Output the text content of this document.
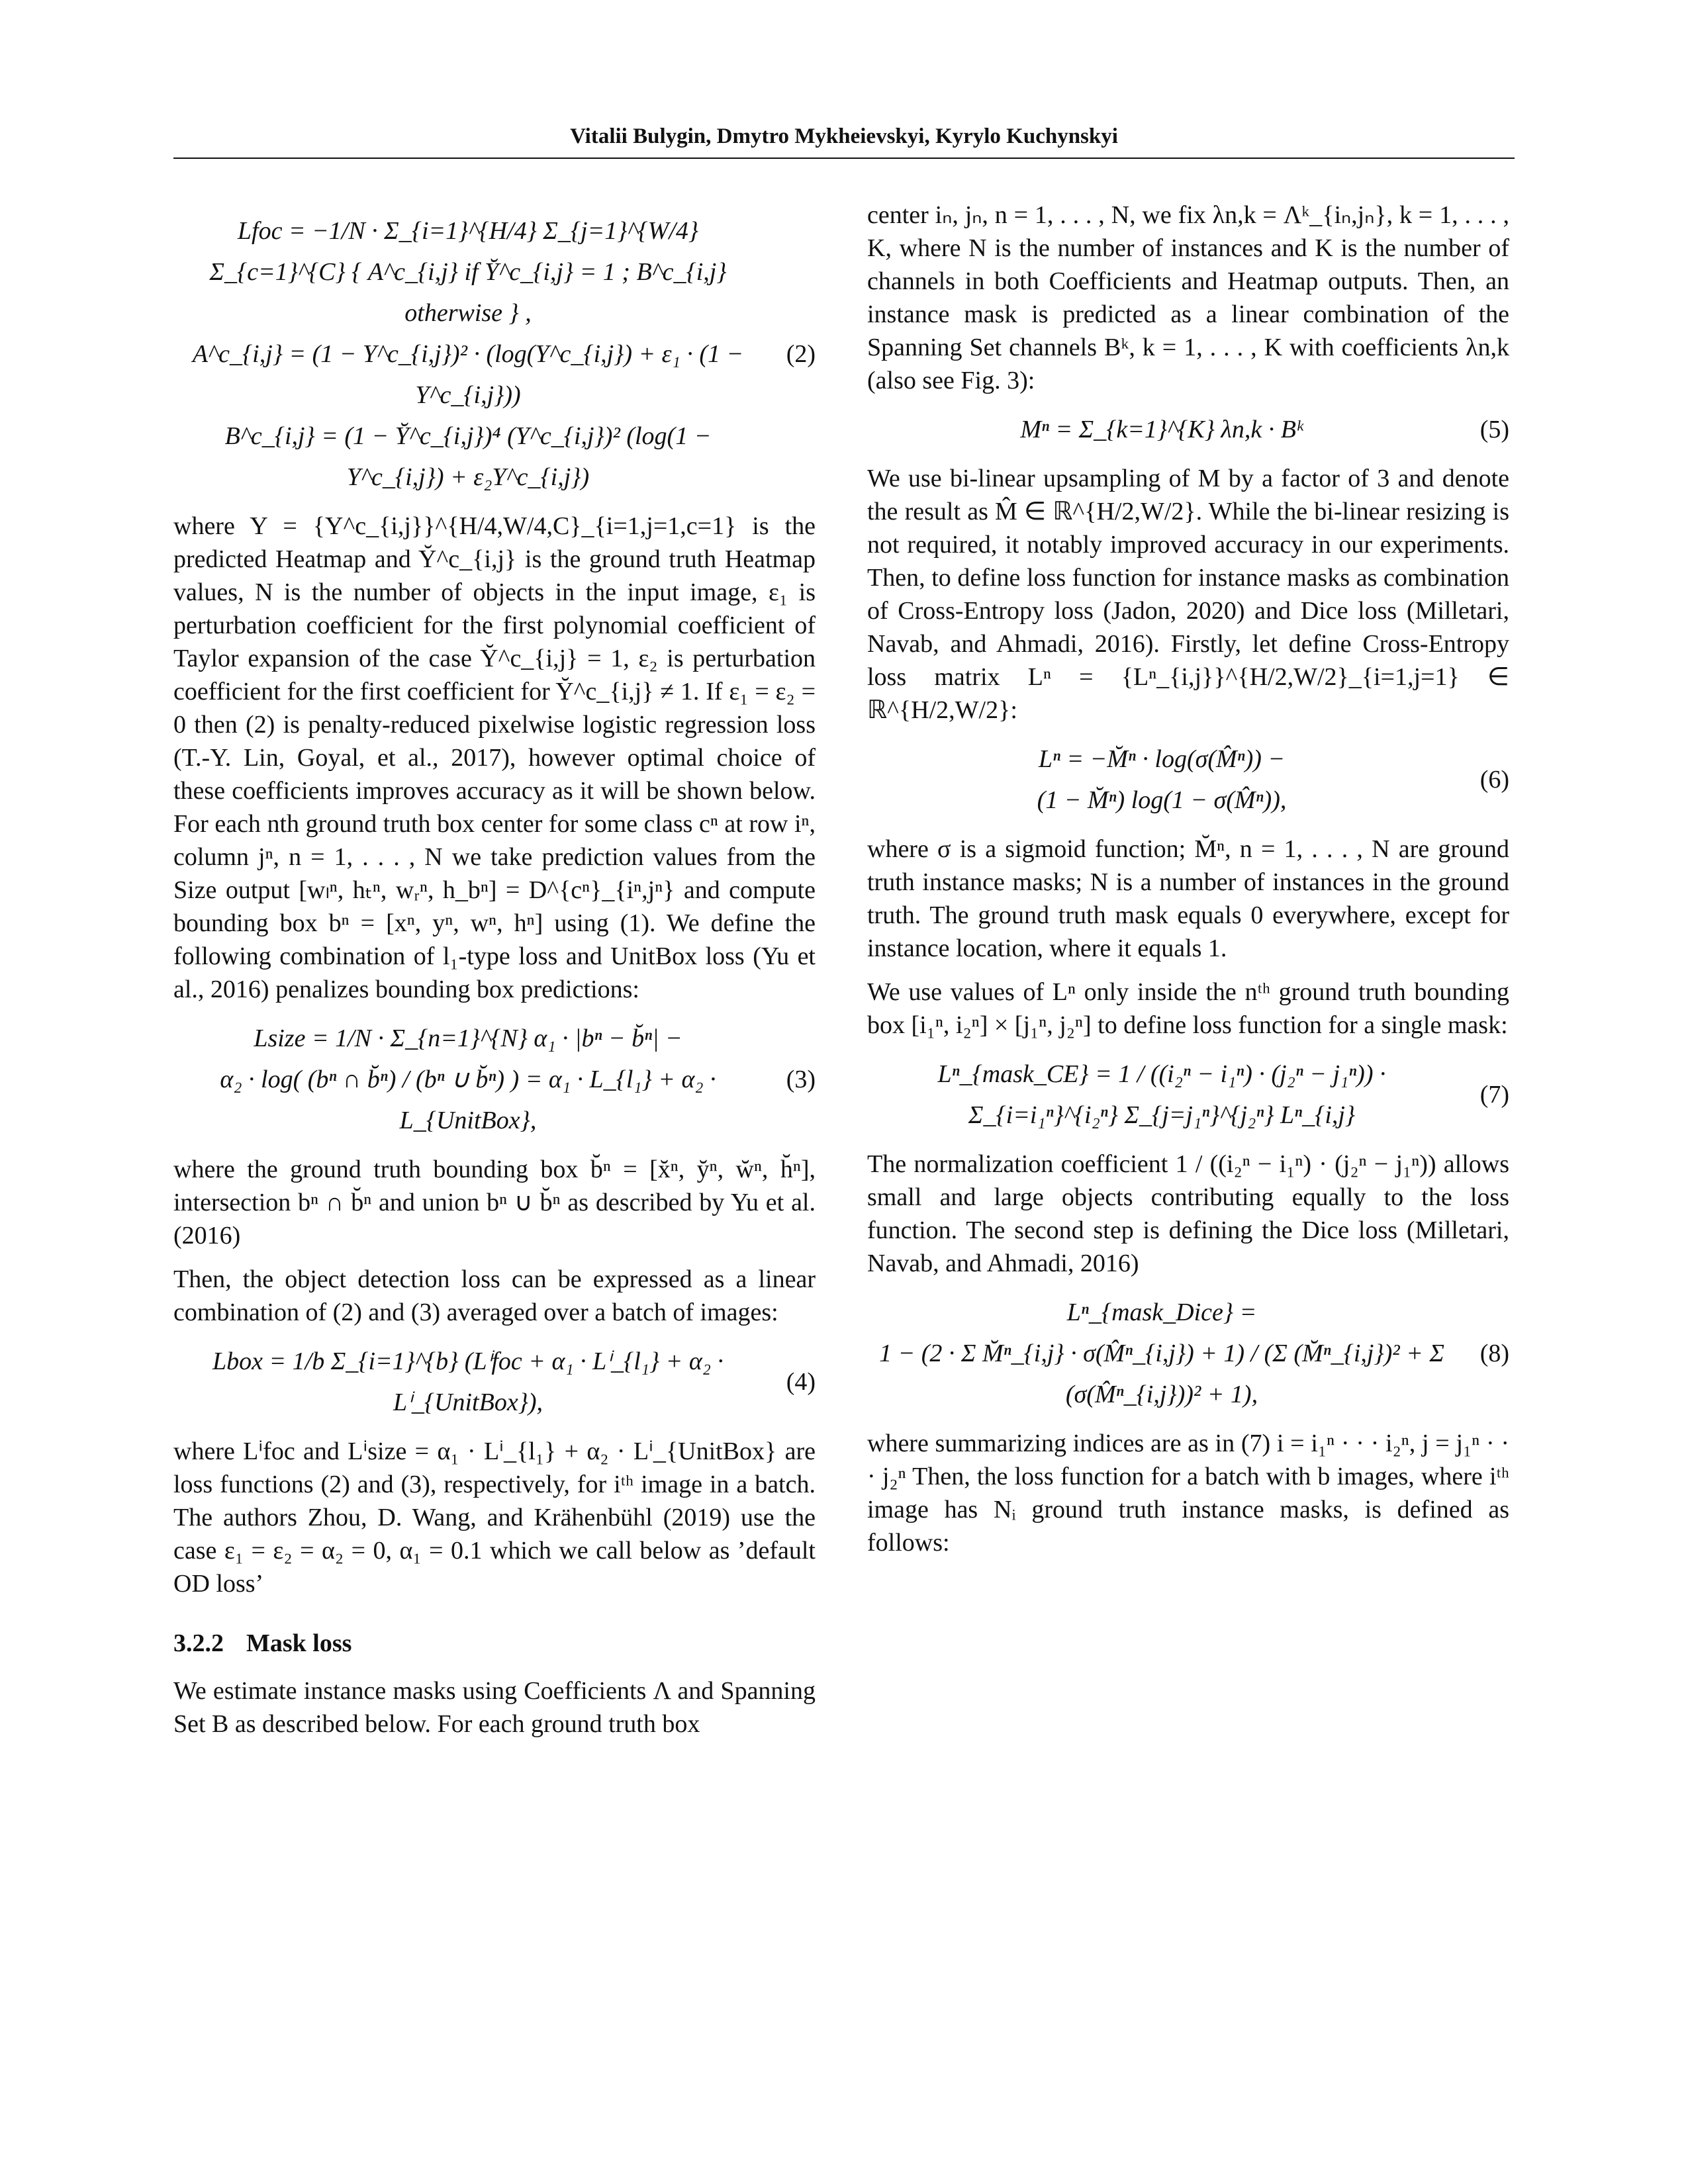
Vitalii Bulygin, Dmytro Mykheievskyi, Kyrylo Kuchynskyi
Lfoc = −1/N · Σ_{i=1}^{H/4} Σ_{j=1}^{W/4} Σ_{c=1}^{C} { A^c_{i,j} if Y̆^c_{i,j} = 1 ; B^c_{i,j} otherwise } ,
A^c_{i,j} = (1 − Y^c_{i,j})² · (log(Y^c_{i,j}) + ε₁ · (1 − Y^c_{i,j}))
B^c_{i,j} = (1 − Y̆^c_{i,j})⁴ (Y^c_{i,j})² (log(1 − Y^c_{i,j}) + ε₂Y^c_{i,j})
(2)

where Y = {Y^c_{i,j}}^{H/4,W/4,C}_{i=1,j=1,c=1} is the predicted Heatmap and Y̆^c_{i,j} is the ground truth Heatmap values, N is the number of objects in the input image, ε₁ is perturbation coefficient for the first polynomial coefficient of Taylor expansion of the case Y̆^c_{i,j} = 1, ε₂ is perturbation coefficient for the first coefficient for Y̆^c_{i,j} ≠ 1. If ε₁ = ε₂ = 0 then (2) is penalty-reduced pixelwise logistic regression loss (T.-Y. Lin, Goyal, et al., 2017), however optimal choice of these coefficients improves accuracy as it will be shown below. For each nth ground truth box center for some class cⁿ at row iⁿ, column jⁿ, n = 1, . . . , N we take prediction values from the Size output [wₗⁿ, hₜⁿ, wᵣⁿ, h_bⁿ] = D^{cⁿ}_{iⁿ,jⁿ} and compute bounding box bⁿ = [xⁿ, yⁿ, wⁿ, hⁿ] using (1). We define the following combination of l₁-type loss and UnitBox loss (Yu et al., 2016) penalizes bounding box predictions:

Lsize = 1/N · Σ_{n=1}^{N} α₁ · |bⁿ − b̆ⁿ| −
α₂ · log( (bⁿ ∩ b̆ⁿ) / (bⁿ ∪ b̆ⁿ) ) = α₁ · L_{l₁} + α₂ · L_{UnitBox},
(3)

where the ground truth bounding box b̆ⁿ = [x̆ⁿ, y̆ⁿ, w̆ⁿ, h̆ⁿ], intersection bⁿ ∩ b̆ⁿ and union bⁿ ∪ b̆ⁿ as described by Yu et al. (2016)

Then, the object detection loss can be expressed as a linear combination of (2) and (3) averaged over a batch of images:

Lbox = 1/b Σ_{i=1}^{b} (Lⁱfoc + α₁ · Lⁱ_{l₁} + α₂ · Lⁱ_{UnitBox}),
(4)

where Lⁱfoc and Lⁱsize = α₁ · Lⁱ_{l₁} + α₂ · Lⁱ_{UnitBox} are loss functions (2) and (3), respectively, for iᵗʰ image in a batch. The authors Zhou, D. Wang, and Krähenbühl (2019) use the case ε₁ = ε₂ = α₂ = 0, α₁ = 0.1 which we call below as ’default OD loss’

3.2.2 Mask loss

We estimate instance masks using Coefficients Λ and Spanning Set B as described below. For each ground truth box

center iₙ, jₙ, n = 1, . . . , N, we fix λn,k = Λᵏ_{iₙ,jₙ}, k = 1, . . . , K, where N is the number of instances and K is the number of channels in both Coefficients and Heatmap outputs. Then, an instance mask is predicted as a linear combination of the Spanning Set channels Bᵏ, k = 1, . . . , K with coefficients λn,k (also see Fig. 3):

Mⁿ = Σ_{k=1}^{K} λn,k · Bᵏ	(5)

We use bi-linear upsampling of M by a factor of 3 and denote the result as M̂ ∈ ℝ^{H/2,W/2}. While the bi-linear resizing is not required, it notably improved accuracy in our experiments. Then, to define loss function for instance masks as combination of Cross-Entropy loss (Jadon, 2020) and Dice loss (Milletari, Navab, and Ahmadi, 2016). Firstly, let define Cross-Entropy loss matrix Lⁿ = {Lⁿ_{i,j}}^{H/2,W/2}_{i=1,j=1} ∈ ℝ^{H/2,W/2}:

Lⁿ = −M̆ⁿ · log(σ(M̂ⁿ)) −
(1 − M̆ⁿ) log(1 − σ(M̂ⁿ)),
(6)

where σ is a sigmoid function; M̆ⁿ, n = 1, . . . , N are ground truth instance masks; N is a number of instances in the ground truth. The ground truth mask equals 0 everywhere, except for instance location, where it equals 1.

We use values of Lⁿ only inside the nᵗʰ ground truth bounding box [i₁ⁿ, i₂ⁿ] × [j₁ⁿ, j₂ⁿ] to define loss function for a single mask:

Lⁿ_{mask_CE} = 1 / ((i₂ⁿ − i₁ⁿ) · (j₂ⁿ − j₁ⁿ)) · Σ_{i=i₁ⁿ}^{i₂ⁿ} Σ_{j=j₁ⁿ}^{j₂ⁿ} Lⁿ_{i,j}
(7)

The normalization coefficient 1 / ((i₂ⁿ − i₁ⁿ) · (j₂ⁿ − j₁ⁿ)) allows small and large objects contributing equally to the loss function. The second step is defining the Dice loss (Milletari, Navab, and Ahmadi, 2016)

Lⁿ_{mask_Dice} =
1 − (2 · Σ M̆ⁿ_{i,j} · σ(M̂ⁿ_{i,j}) + 1) / (Σ (M̆ⁿ_{i,j})² + Σ (σ(M̂ⁿ_{i,j}))² + 1),
(8)

where summarizing indices are as in (7) i = i₁ⁿ · · · i₂ⁿ, j = j₁ⁿ · · · j₂ⁿ Then, the loss function for a batch with b images, where iᵗʰ image has Nᵢ ground truth instance masks, is defined as follows:
